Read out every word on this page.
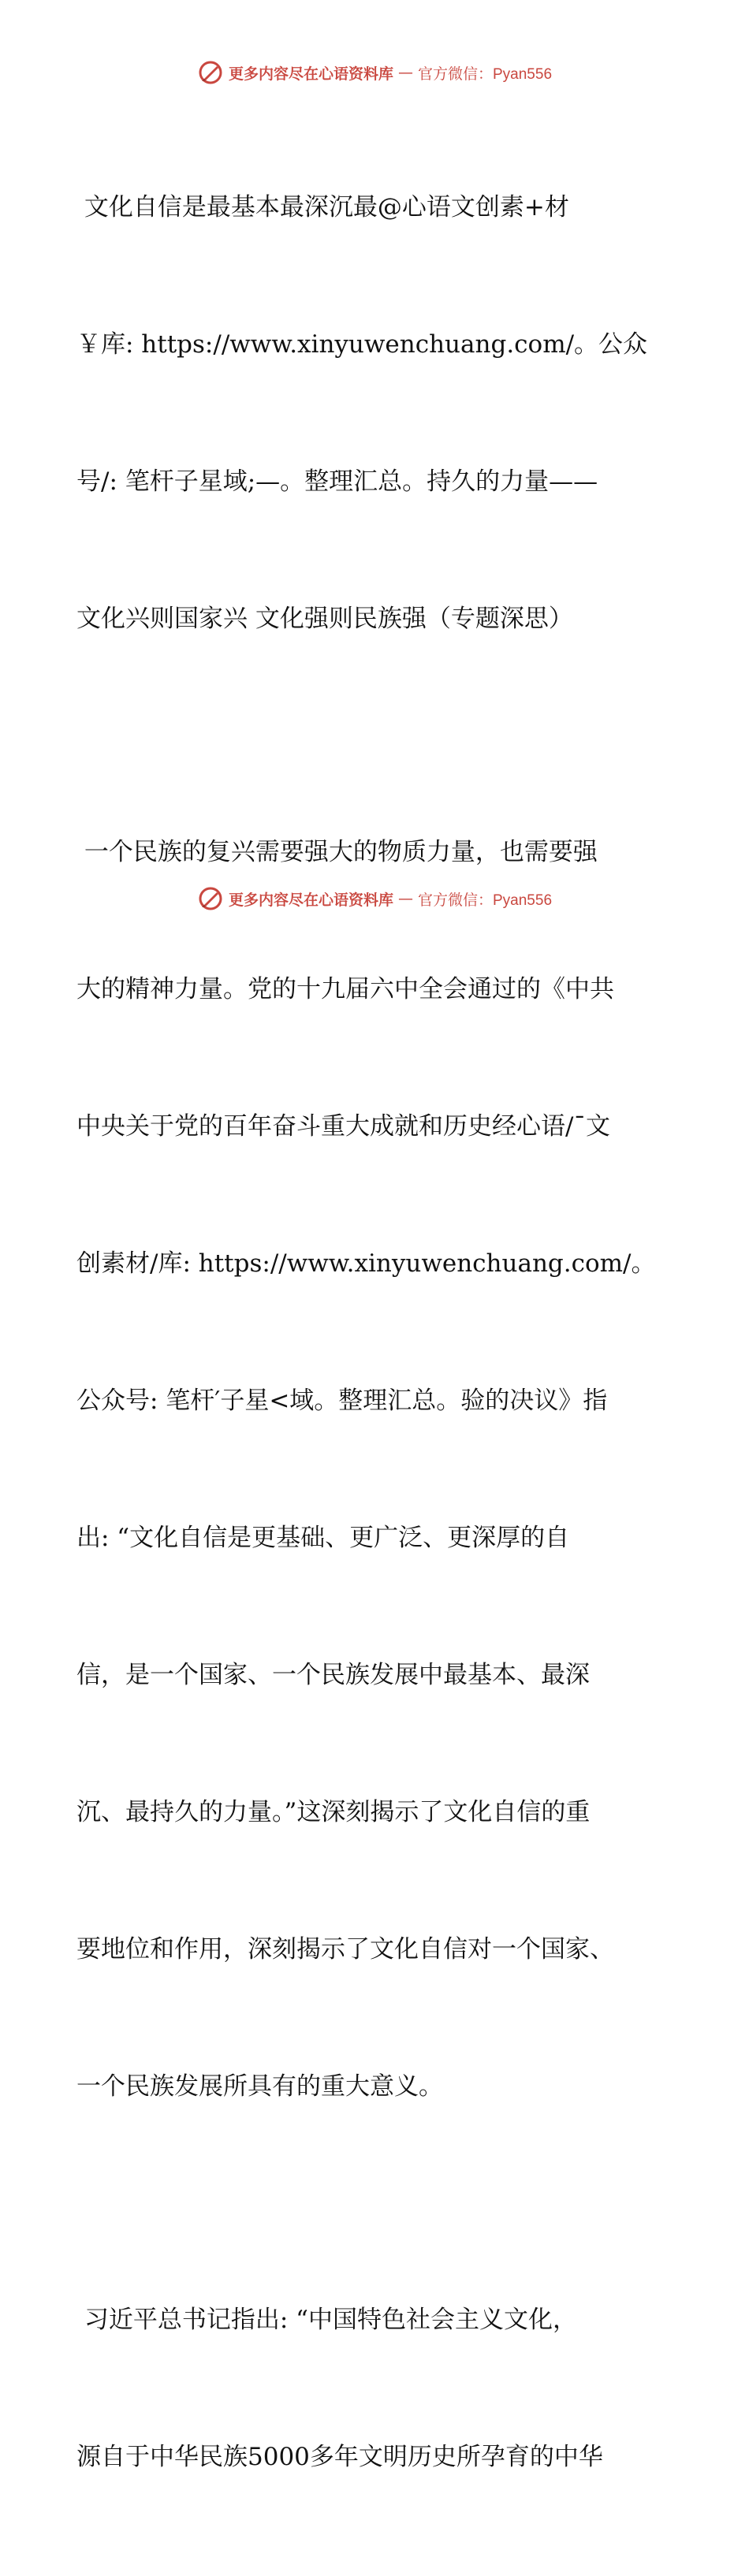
更多内容尽在心语资料库 — 官方微信：Pyan556

文化自信是最基本最深沉最@心语文创素+材

￥库: https://www.xinyuwenchuang.com/。公众

号/: 笔杆子星域;—。整理汇总。持久的力量——

文化兴则国家兴 文化强则民族强（专题深思）

一个民族的复兴需要强大的物质力量，也需要强

大的精神力量。党的十九届六中全会通过的《中共

中央关于党的百年奋斗重大成就和历史经心语/¯文

创素材/库: https://www.xinyuwenchuang.com/。

公众号: 笔杆′子星<域。整理汇总。验的决议》指

出: “文化自信是更基础、更广泛、更深厚的自

信，是一个国家、一个民族发展中最基本、最深

沉、最持久的力量。”这深刻揭示了文化自信的重

要地位和作用，深刻揭示了文化自信对一个国家、

一个民族发展所具有的重大意义。

习近平总书记指出: “中国特色社会主义文化，

源自于中华民族5000多年文明历史所孕育的中华

更多内容尽在心语资料库 — 官方微信：Pyan556
